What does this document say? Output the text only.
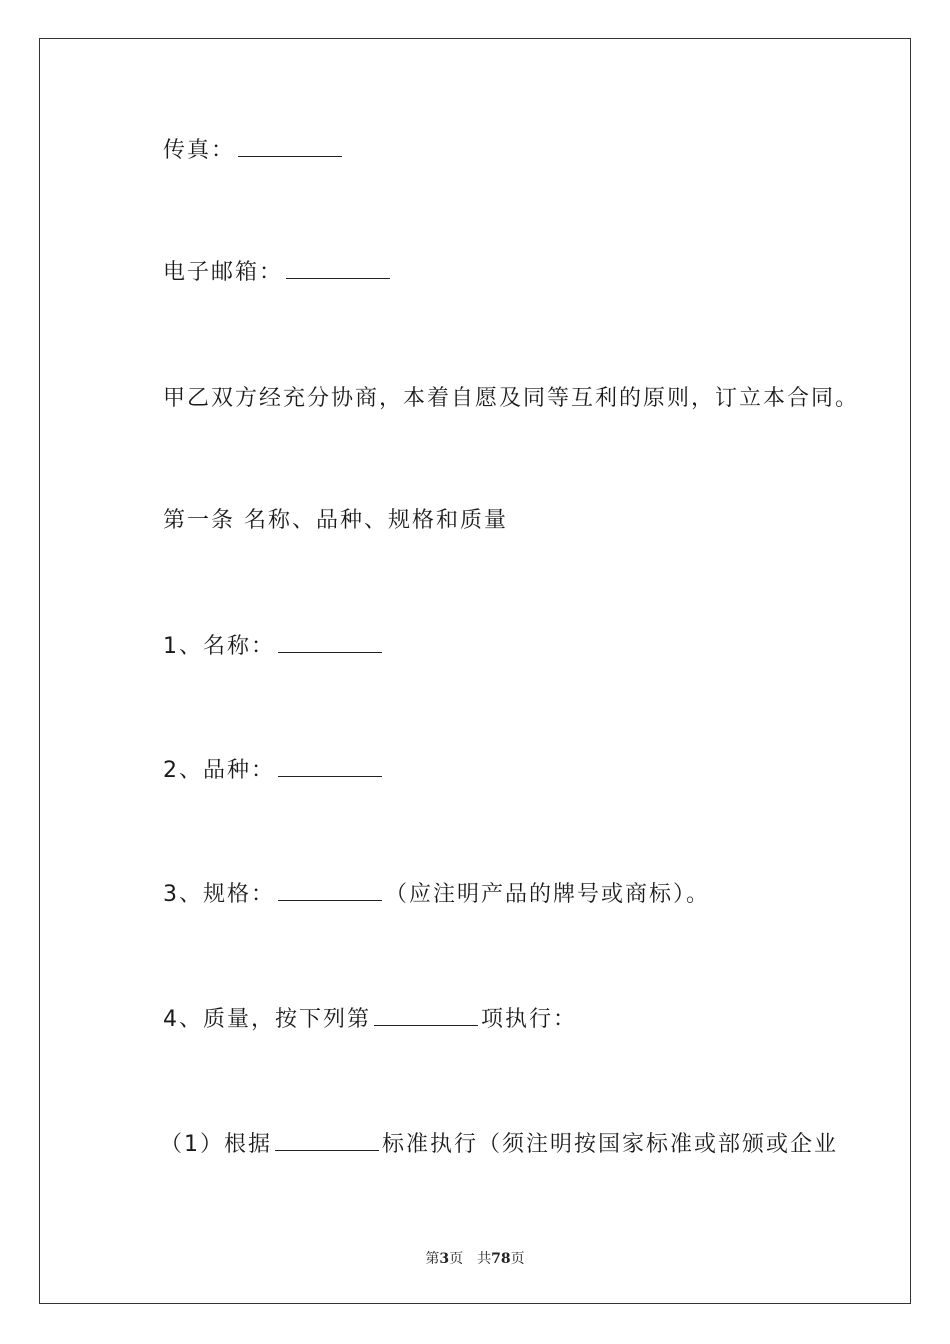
传真：
电子邮箱：
甲乙双方经充分协商，本着自愿及同等互利的原则，订立本合同。
第一条 名称、品种、规格和质量
1、名称：
2、品种：
3、规格：	（应注明产品的牌号或商标）。
4、质量，按下列第	项执行：
（1）根据	标准执行（须注明按国家标准或部颁或企业
第3页 共78页
